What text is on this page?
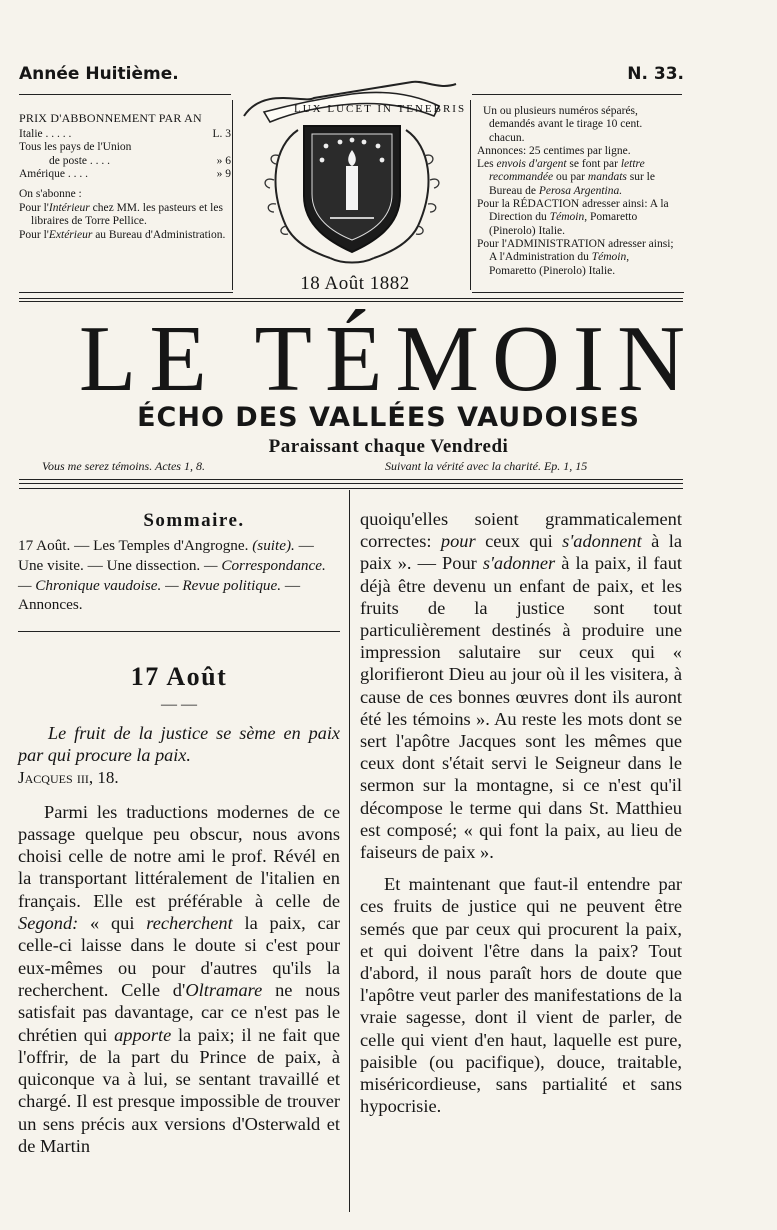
Année Huitième.	N. 33.
PRIX D'ABBONNEMENT PAR AN
Italie . . . . .	L. 3
Tous les pays de l'Union
de poste . . . .	» 6
Amérique . . . .	» 9
On s'abonne :
Pour l'Intérieur chez MM. les pasteurs et les libraires de Torre Pellice.
Pour l'Extérieur au Bureau d'Administration.
LUX LUCET IN TENEBRIS
18 Août 1882
Un ou plusieurs numéros séparés, demandés avant le tirage 10 cent. chacun.
Annonces: 25 centimes par ligne.
Les envois d'argent se font par lettre recommandée ou par mandats sur le Bureau de Perosa Argentina.
Pour la RÉDACTION adresser ainsi: A la Direction du Témoin, Pomaretto (Pinerolo) Italie.
Pour l'ADMINISTRATION adresser ainsi; A l'Administration du Témoin, Pomaretto (Pinerolo) Italie.
LE TÉMOIN
ÉCHO DES VALLÉES VAUDOISES
Paraissant chaque Vendredi
Vous me serez témoins. Actes 1, 8.	Suivant la vérité avec la charité. Ep. 1, 15
Sommaire.
17 Août. — Les Temples d'Angrogne. (suite). — Une visite. — Une dissection. — Correspondance. — Chronique vaudoise. — Revue politique. — Annonces.
17 Août
— —
Le fruit de la justice se sème en paix par qui procure la paix.
Jacques iii, 18.

Parmi les traductions modernes de ce passage quelque peu obscur, nous avons choisi celle de notre ami le prof. Révél en la transportant littéralement de l'italien en français. Elle est préférable à celle de Segond: « qui recherchent la paix, car celle-ci laisse dans le doute si c'est pour eux-mêmes ou pour d'autres qu'ils la recherchent. Celle d'Oltramare ne nous satisfait pas davantage, car ce n'est pas le chrétien qui apporte la paix; il ne fait que l'offrir, de la part du Prince de paix, à quiconque va à lui, se sentant travaillé et chargé. Il est presque impossible de trouver un sens précis aux versions d'Osterwald et de Martin

quoiqu'elles soient grammaticalement correctes: pour ceux qui s'adonnent à la paix ». — Pour s'adonner à la paix, il faut déjà être devenu un enfant de paix, et les fruits de la justice sont tout particulièrement destinés à produire une impression salutaire sur ceux qui « glorifieront Dieu au jour où il les visitera, à cause de ces bonnes œuvres dont ils auront été les témoins ». Au reste les mots dont se sert l'apôtre Jacques sont les mêmes que ceux dont s'était servi le Seigneur dans le sermon sur la montagne, si ce n'est qu'il décompose le terme qui dans St. Matthieu est composé; « qui font la paix, au lieu de faiseurs de paix ».

Et maintenant que faut-il entendre par ces fruits de justice qui ne peuvent être semés que par ceux qui procurent la paix, et qui doivent l'être dans la paix? Tout d'abord, il nous paraît hors de doute que l'apôtre veut parler des manifestations de la vraie sagesse, dont il vient de parler, de celle qui vient d'en haut, laquelle est pure, paisible (ou pacifique), douce, traitable, miséricordieuse, sans partialité et sans hypocrisie.
